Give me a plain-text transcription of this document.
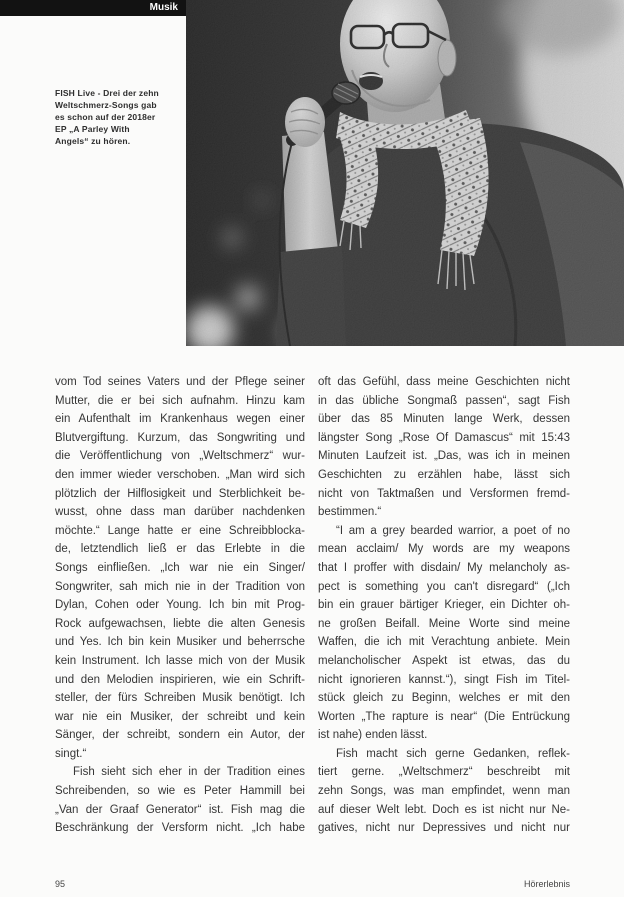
Musik
FISH Live - Drei der zehn
Weltschmerz-Songs gab
es schon auf der 2018er
EP „A Parley With
Angels“ zu hören.
vom Tod seines Vaters und der Pflege seiner
Mutter, die er bei sich aufnahm. Hinzu kam
ein Aufenthalt im Krankenhaus wegen einer
Blutvergiftung. Kurzum, das Songwriting und
die Veröffentlichung von „Weltschmerz“ wur-
den immer wieder verschoben. „Man wird sich
plötzlich der Hilflosigkeit und Sterblichkeit be-
wusst, ohne dass man darüber nachdenken
möchte.“ Lange hatte er eine Schreibblocka-
de, letztendlich ließ er das Erlebte in die
Songs einfließen. „Ich war nie ein Singer/
Songwriter, sah mich nie in der Tradition von
Dylan, Cohen oder Young. Ich bin mit Prog-
Rock aufgewachsen, liebte die alten Genesis
und Yes. Ich bin kein Musiker und beherrsche
kein Instrument. Ich lasse mich von der Musik
und den Melodien inspirieren, wie ein Schrift-
steller, der fürs Schreiben Musik benötigt. Ich
war nie ein Musiker, der schreibt und kein
Sänger, der schreibt, sondern ein Autor, der
singt.“
Fish sieht sich eher in der Tradition eines
Schreibenden, so wie es Peter Hammill bei
„Van der Graaf Generator“ ist. Fish mag die
Beschränkung der Versform nicht. „Ich habe
oft das Gefühl, dass meine Geschichten nicht
in das übliche Songmaß passen“, sagt Fish
über das 85 Minuten lange Werk, dessen
längster Song „Rose Of Damascus“ mit 15:43
Minuten Laufzeit ist. „Das, was ich in meinen
Geschichten zu erzählen habe, lässt sich
nicht von Taktmaßen und Versformen fremd-
bestimmen.“
“I am a grey bearded warrior, a poet of no
mean acclaim/ My words are my weapons
that I proffer with disdain/ My melancholy as-
pect is something you can't disregard“ („Ich
bin ein grauer bärtiger Krieger, ein Dichter oh-
ne großen Beifall. Meine Worte sind meine
Waffen, die ich mit Verachtung anbiete. Mein
melancholischer Aspekt ist etwas, das du
nicht ignorieren kannst.“), singt Fish im Titel-
stück gleich zu Beginn, welches er mit den
Worten „The rapture is near“ (Die Entrückung
ist nahe) enden lässt.
Fish macht sich gerne Gedanken, reflek-
tiert gerne. „Weltschmerz“ beschreibt mit
zehn Songs, was man empfindet, wenn man
auf dieser Welt lebt. Doch es ist nicht nur Ne-
gatives, nicht nur Depressives und nicht nur
95	Hörerlebnis
